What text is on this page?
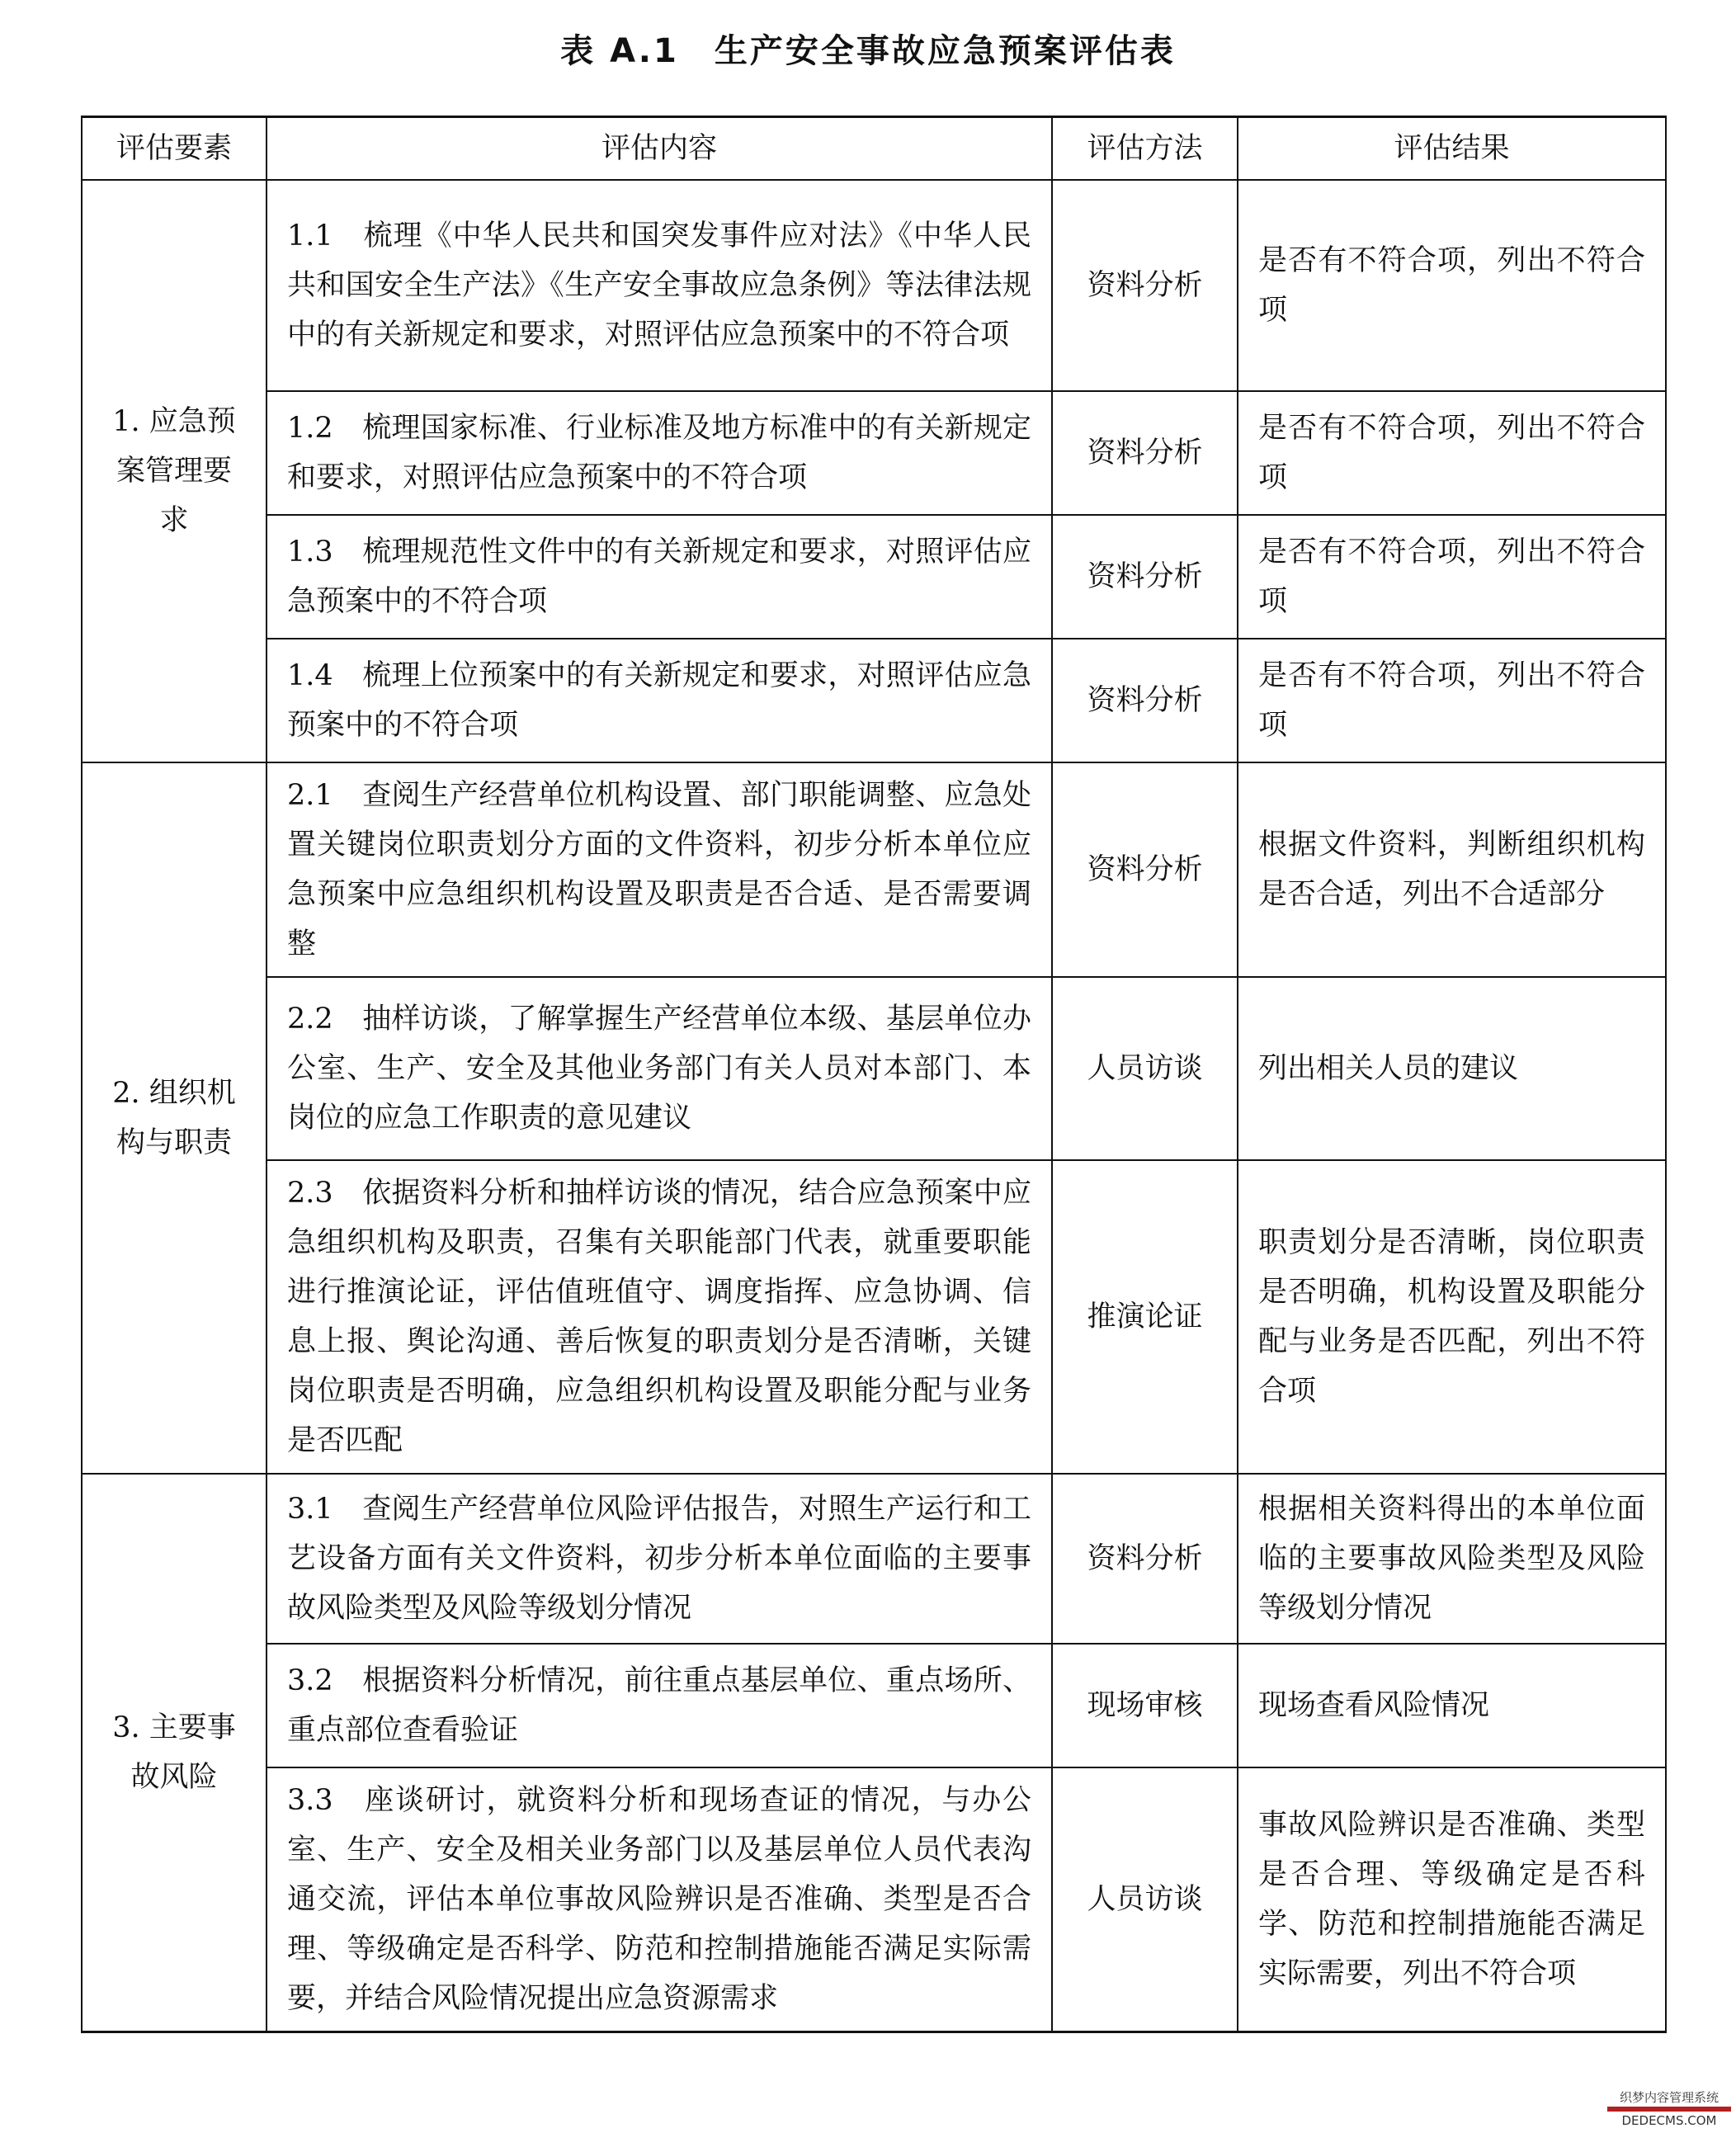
表 A.1　生产安全事故应急预案评估表
评估要素	评估内容	评估方法	评估结果
1. 应急预案管理要求	1.1　梳理《中华人民共和国突发事件应对法》《中华人民共和国安全生产法》《生产安全事故应急条例》等法律法规中的有关新规定和要求，对照评估应急预案中的不符合项	资料分析	是否有不符合项，列出不符合项
	1.2　梳理国家标准、行业标准及地方标准中的有关新规定和要求，对照评估应急预案中的不符合项	资料分析	是否有不符合项，列出不符合项
	1.3　梳理规范性文件中的有关新规定和要求，对照评估应急预案中的不符合项	资料分析	是否有不符合项，列出不符合项
	1.4　梳理上位预案中的有关新规定和要求，对照评估应急预案中的不符合项	资料分析	是否有不符合项，列出不符合项
2. 组织机构与职责	2.1　查阅生产经营单位机构设置、部门职能调整、应急处置关键岗位职责划分方面的文件资料，初步分析本单位应急预案中应急组织机构设置及职责是否合适、是否需要调整	资料分析	根据文件资料，判断组织机构是否合适，列出不合适部分
	2.2　抽样访谈，了解掌握生产经营单位本级、基层单位办公室、生产、安全及其他业务部门有关人员对本部门、本岗位的应急工作职责的意见建议	人员访谈	列出相关人员的建议
	2.3　依据资料分析和抽样访谈的情况，结合应急预案中应急组织机构及职责，召集有关职能部门代表，就重要职能进行推演论证，评估值班值守、调度指挥、应急协调、信息上报、舆论沟通、善后恢复的职责划分是否清晰，关键岗位职责是否明确，应急组织机构设置及职能分配与业务是否匹配	推演论证	职责划分是否清晰，岗位职责是否明确，机构设置及职能分配与业务是否匹配，列出不符合项
3. 主要事故风险	3.1　查阅生产经营单位风险评估报告，对照生产运行和工艺设备方面有关文件资料，初步分析本单位面临的主要事故风险类型及风险等级划分情况	资料分析	根据相关资料得出的本单位面临的主要事故风险类型及风险等级划分情况
	3.2　根据资料分析情况，前往重点基层单位、重点场所、重点部位查看验证	现场审核	现场查看风险情况
	3.3　座谈研讨，就资料分析和现场查证的情况，与办公室、生产、安全及相关业务部门以及基层单位人员代表沟通交流，评估本单位事故风险辨识是否准确、类型是否合理、等级确定是否科学、防范和控制措施能否满足实际需要，并结合风险情况提出应急资源需求	人员访谈	事故风险辨识是否准确、类型是否合理、等级确定是否科学、防范和控制措施能否满足实际需要，列出不符合项
织梦内容管理系统
DEDECMS.COM
